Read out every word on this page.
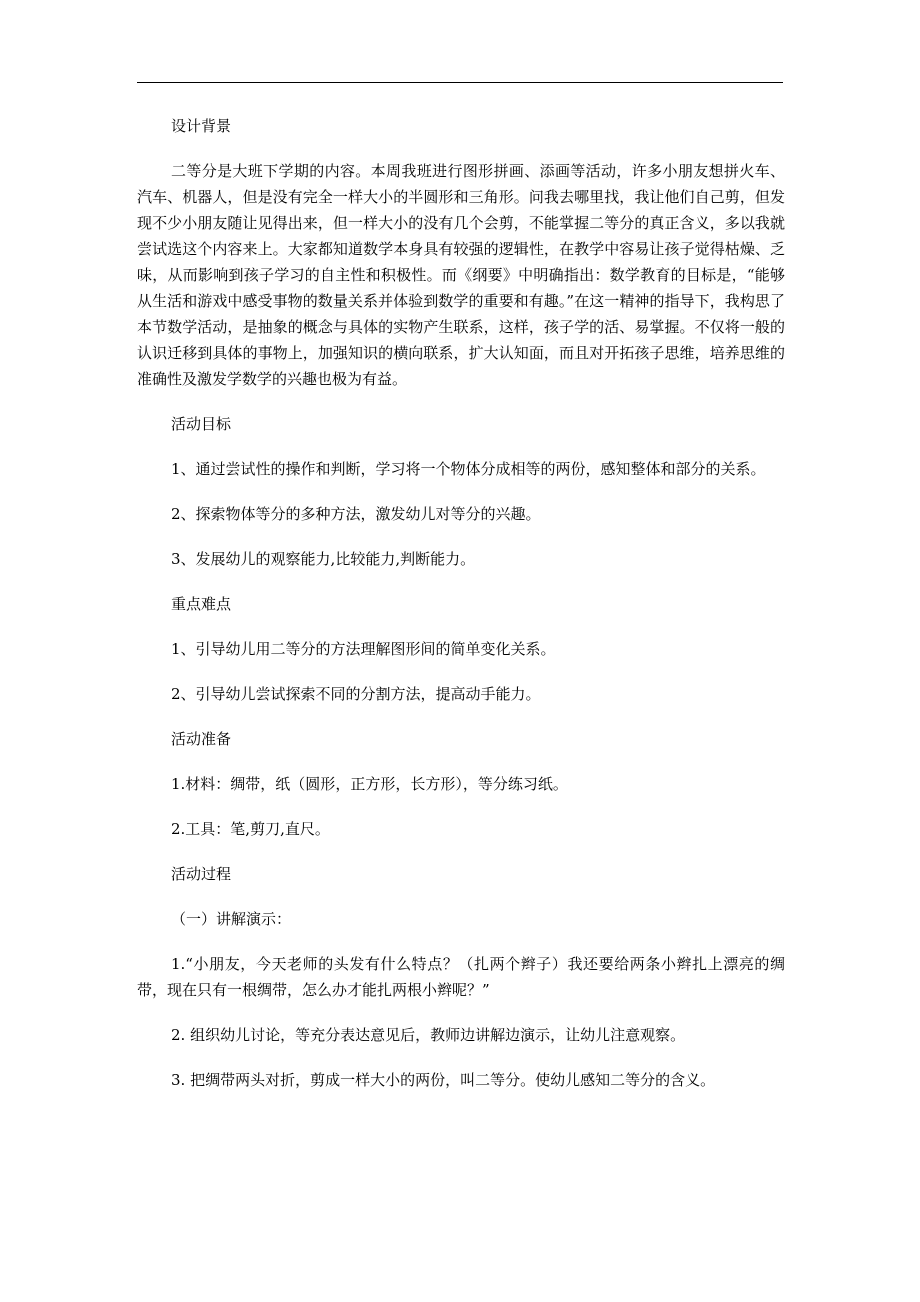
设计背景

二等分是大班下学期的内容。本周我班进行图形拼画、添画等活动，许多小朋友想拼火车、汽车、机器人，但是没有完全一样大小的半圆形和三角形。问我去哪里找，我让他们自己剪，但发现不少小朋友随让见得出来，但一样大小的没有几个会剪，不能掌握二等分的真正含义，多以我就尝试选这个内容来上。大家都知道数学本身具有较强的逻辑性，在教学中容易让孩子觉得枯燥、乏味，从而影响到孩子学习的自主性和积极性。而《纲要》中明确指出：数学教育的目标是，“能够从生活和游戏中感受事物的数量关系并体验到数学的重要和有趣。”在这一精神的指导下，我构思了本节数学活动，是抽象的概念与具体的实物产生联系，这样，孩子学的活、易掌握。不仅将一般的认识迁移到具体的事物上，加强知识的横向联系，扩大认知面，而且对开拓孩子思维，培养思维的准确性及激发学数学的兴趣也极为有益。

活动目标

1、通过尝试性的操作和判断，学习将一个物体分成相等的两份，感知整体和部分的关系。

2、探索物体等分的多种方法，激发幼儿对等分的兴趣。

3、发展幼儿的观察能力,比较能力,判断能力。

重点难点

1、引导幼儿用二等分的方法理解图形间的简单变化关系。

2、引导幼儿尝试探索不同的分割方法，提高动手能力。

活动准备

1.材料：绸带，纸（圆形，正方形，长方形），等分练习纸。

2.工具：笔,剪刀,直尺。

活动过程

（一）讲解演示：

1.“小朋友，今天老师的头发有什么特点？（扎两个辫子）我还要给两条小辫扎上漂亮的绸带，现在只有一根绸带，怎么办才能扎两根小辫呢？”

2. 组织幼儿讨论，等充分表达意见后，教师边讲解边演示，让幼儿注意观察。

3. 把绸带两头对折，剪成一样大小的两份，叫二等分。使幼儿感知二等分的含义。
